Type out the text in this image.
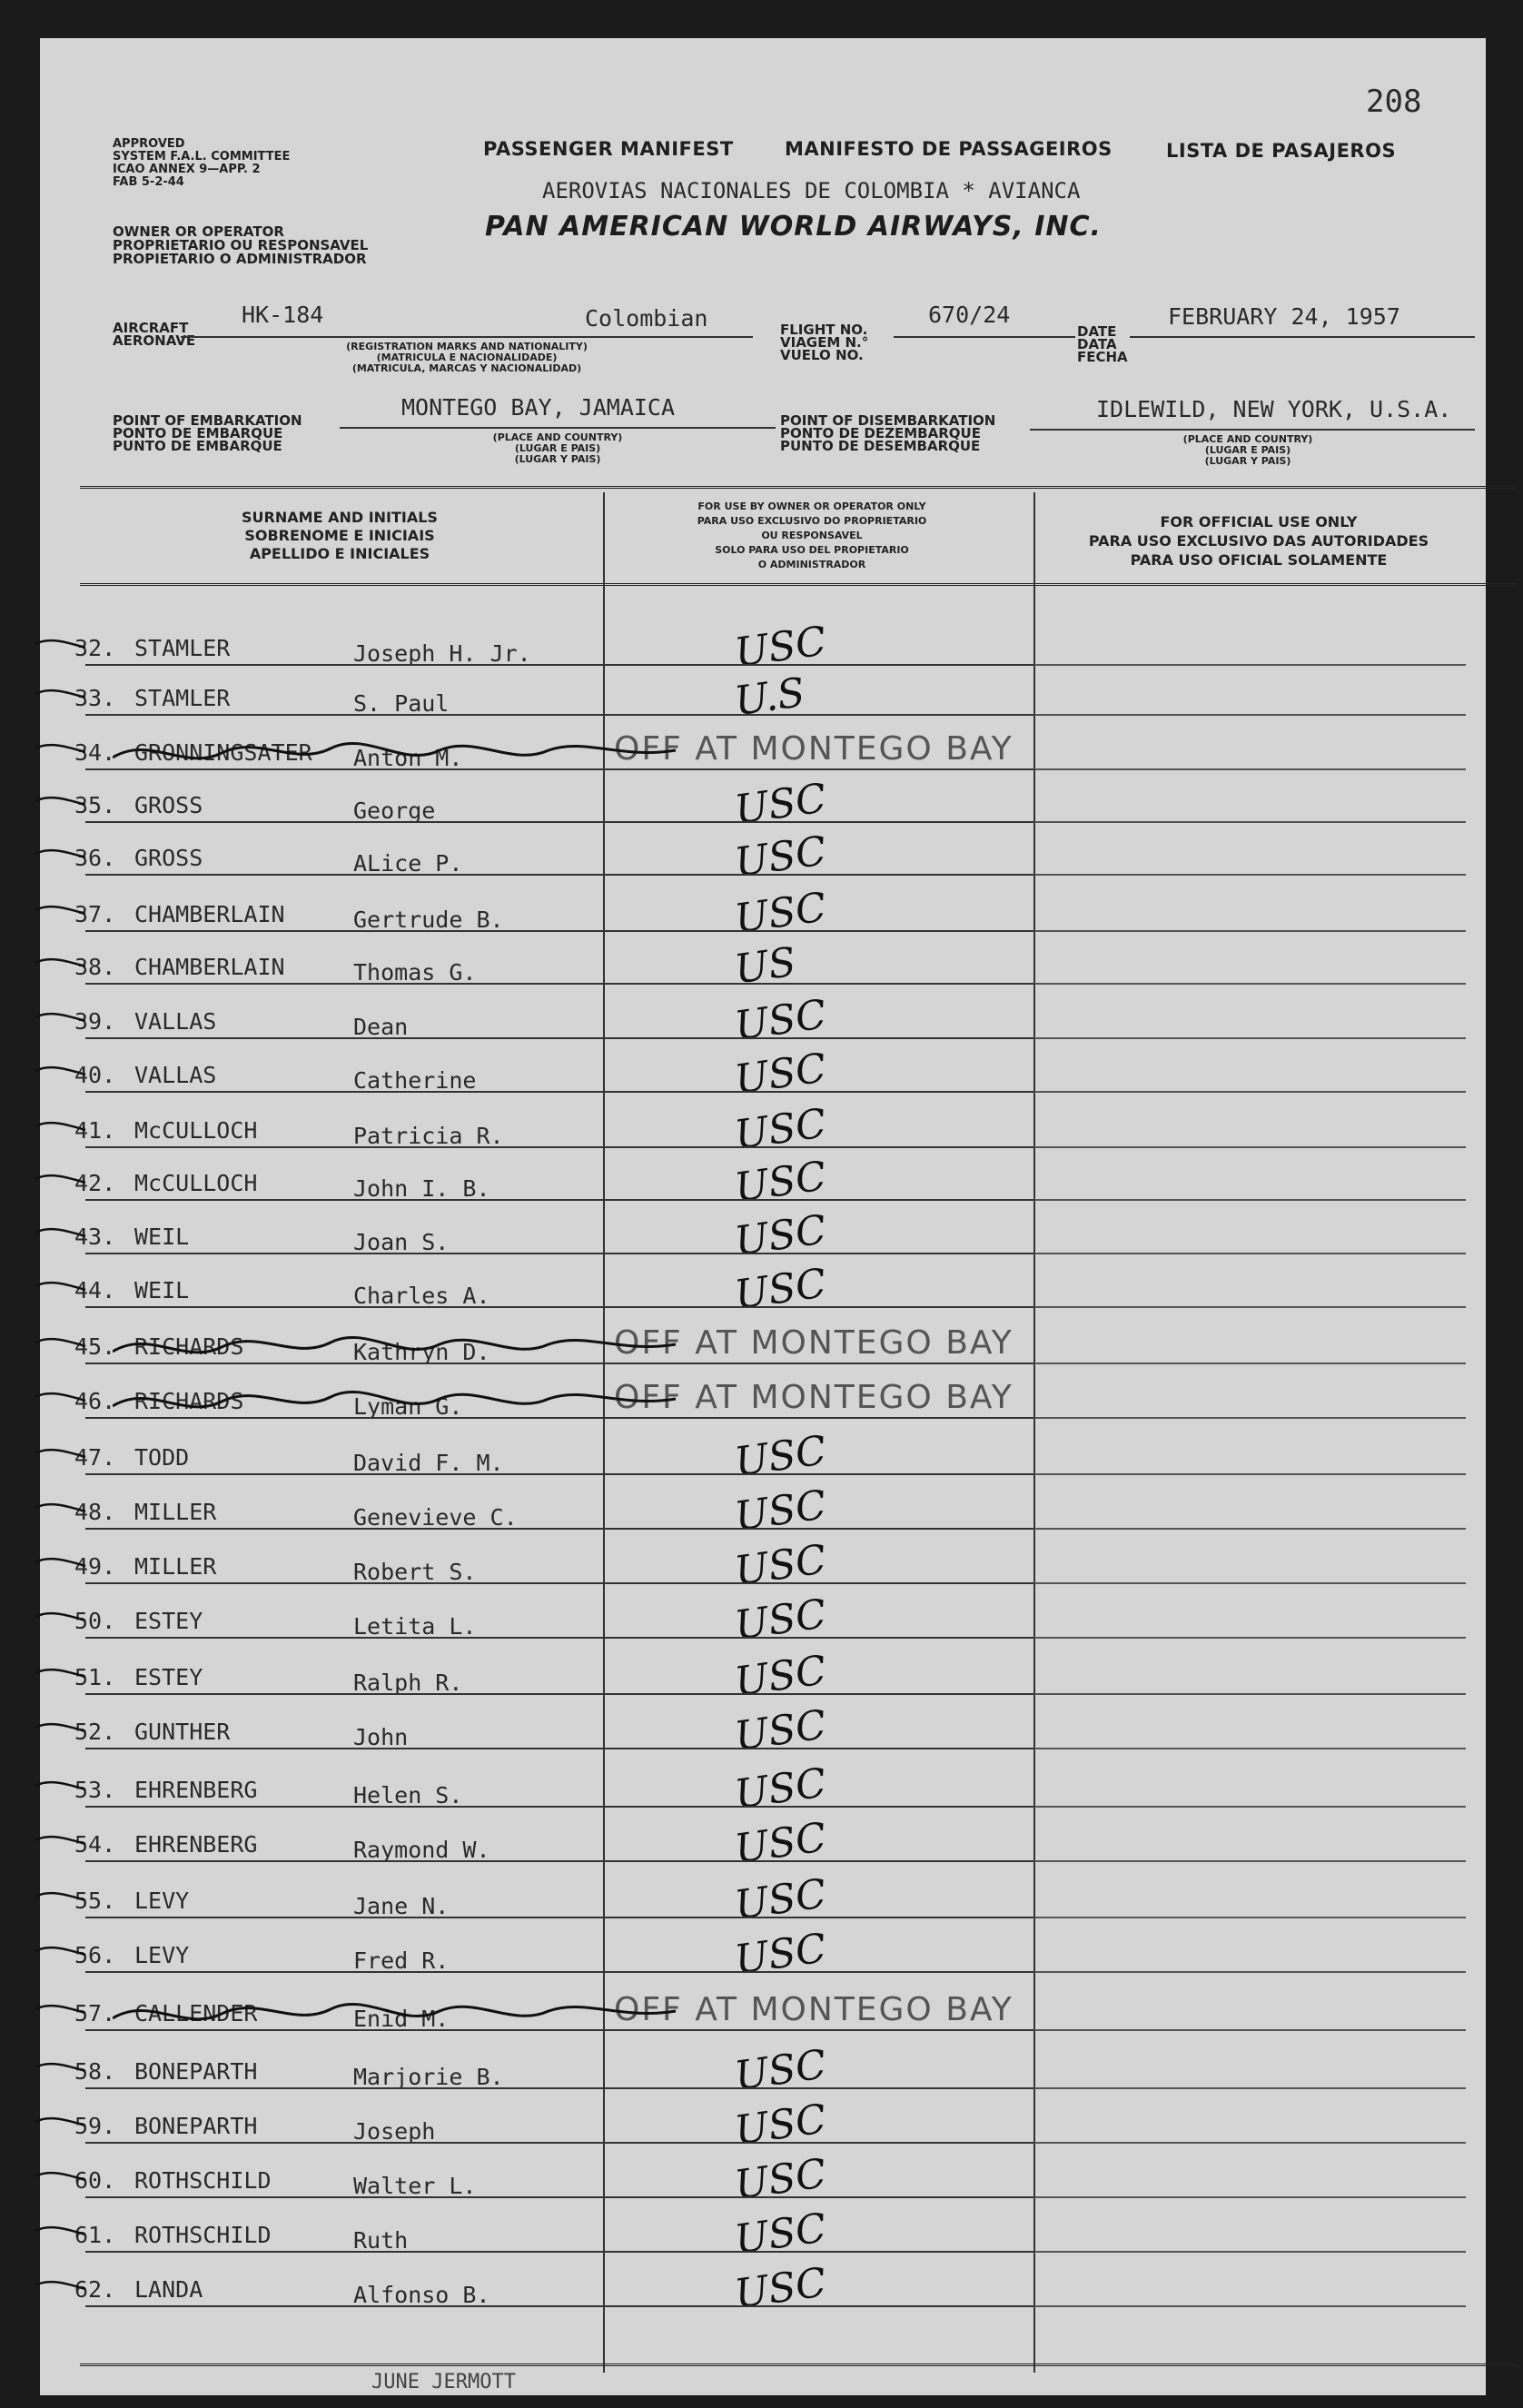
208
APPROVED
SYSTEM F.A.L. COMMITTEE
ICAO ANNEX 9—APP. 2
FAB 5-2-44
OWNER OR OPERATOR
PROPRIETARIO OU RESPONSAVEL
PROPIETARIO O ADMINISTRADOR
PASSENGER MANIFEST	MANIFESTO DE PASSAGEIROS	LISTA DE PASAJEROS
AEROVIAS NACIONALES DE COLOMBIA * AVIANCA
PAN AMERICAN WORLD AIRWAYS, INC.
AIRCRAFT
AERONAVE
HK-184	Colombian
(REGISTRATION MARKS AND NATIONALITY)
(MATRICULA E NACIONALIDADE)
(MATRICULA, MARCAS Y NACIONALIDAD)
FLIGHT NO.
VIAGEM N.°
VUELO NO.
670/24
DATE
DATA
FECHA
FEBRUARY 24, 1957
POINT OF EMBARKATION
PONTO DE EMBARQUE
PUNTO DE EMBARQUE
MONTEGO BAY, JAMAICA
(PLACE AND COUNTRY)
(LUGAR E PAIS)
(LUGAR Y PAIS)
POINT OF DISEMBARKATION
PONTO DE DEZEMBARQUE
PUNTO DE DESEMBARQUE
IDLEWILD, NEW YORK, U.S.A.
(PLACE AND COUNTRY)
(LUGAR E PAIS)
(LUGAR Y PAIS)
SURNAME AND INITIALS
SOBRENOME E INICIAIS
APELLIDO E INICIALES
FOR USE BY OWNER OR OPERATOR ONLY
PARA USO EXCLUSIVO DO PROPRIETARIO
OU RESPONSAVEL
SOLO PARA USO DEL PROPIETARIO
O ADMINISTRADOR
FOR OFFICIAL USE ONLY
PARA USO EXCLUSIVO DAS AUTORIDADES
PARA USO OFICIAL SOLAMENTE
32. STAMLER	Joseph H. Jr.	USC
33. STAMLER	S. Paul	U.S
34. GRONNINGSATER Anton M.	OFF AT MONTEGO BAY
35. GROSS	George	USC
36. GROSS	ALice P.	USC
37. CHAMBERLAIN	Gertrude B.	USC
38. CHAMBERLAIN	Thomas G.	US
39. VALLAS	Dean	USC
40. VALLAS	Catherine	USC
41. McCULLOCH	Patricia R.	USC
42. McCULLOCH	John I. B.	USC
43. WEIL	Joan S.	USC
44. WEIL	Charles A.	USC
45. RICHARDS	Kathryn D.	OFF AT MONTEGO BAY
46. RICHARDS	Lyman G.	OFF AT MONTEGO BAY
47. TODD	David F. M.	USC
48. MILLER	Genevieve C.	USC
49. MILLER	Robert S.	USC
50. ESTEY	Letita L.	USC
51. ESTEY	Ralph R.	USC
52. GUNTHER	John	USC
53. EHRENBERG	Helen S.	USC
54. EHRENBERG	Raymond W.	USC
55. LEVY	Jane N.	USC
56. LEVY	Fred R.	USC
57. CALLENDER	Enid M.	OFF AT MONTEGO BAY
58. BONEPARTH	Marjorie B.	USC
59. BONEPARTH	Joseph	USC
60. ROTHSCHILD	Walter L.	USC
61. ROTHSCHILD	Ruth	USC
62. LANDA	Alfonso B.	USC
JUNE JERMOTT
